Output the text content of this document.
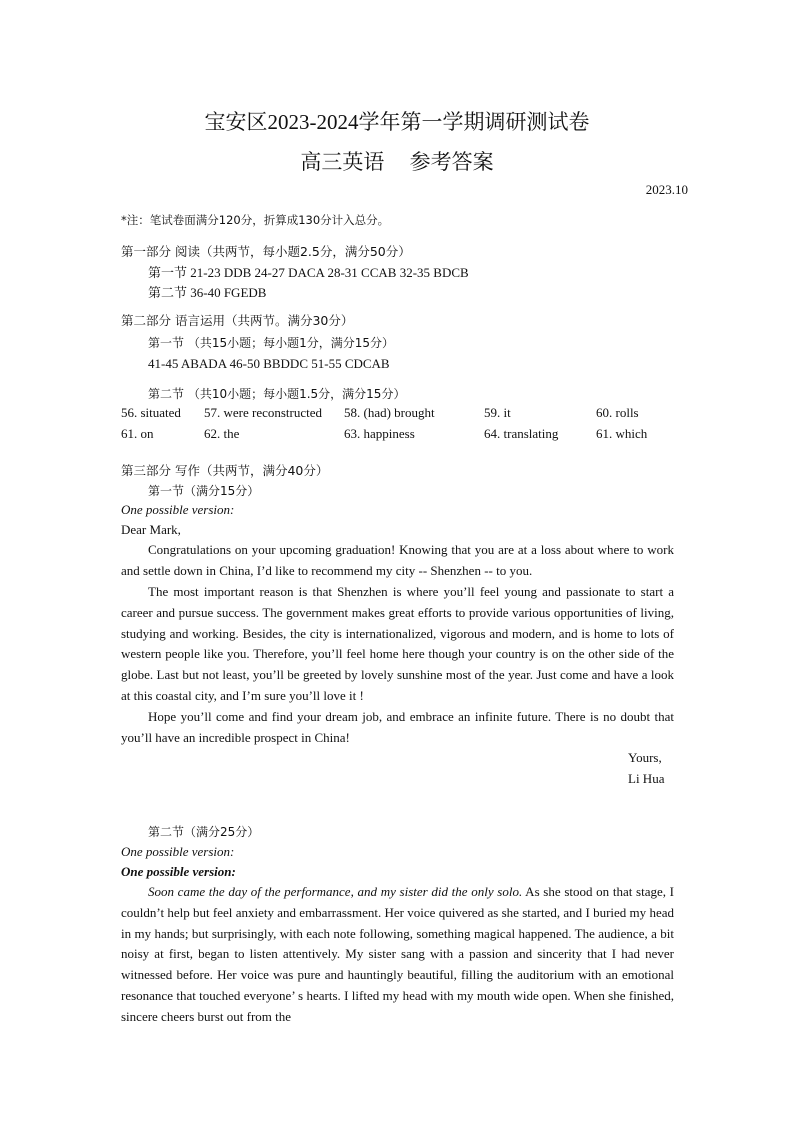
宝安区2023-2024学年第一学期调研测试卷
高三英语 参考答案
2023.10
*注：笔试卷面满分120分，折算成130分计入总分。
第一部分 阅读（共两节，每小题2.5分，满分50分）
第一节 21-23 DDB 24-27 DACA 28-31 CCAB 32-35 BDCB
第二节 36-40 FGEDB
第二部分 语言运用（共两节。满分30分）
第一节 （共15小题；每小题1分，满分15分）
41-45 ABADA 46-50 BBDDC 51-55 CDCAB
第二节 （共10小题；每小题1.5分，满分15分）
56. situated 57. were reconstructed 58. (had) brought	59. it	60. rolls
61. on	62. the	63. happiness	64. translating	61. which
第三部分 写作（共两节，满分40分）
第一节（满分15分）
One possible version:
Dear Mark,
Congratulations on your upcoming graduation! Knowing that you are at a loss about where to work and settle down in China, I’d like to recommend my city -- Shenzhen -- to you.
The most important reason is that Shenzhen is where you’ll feel young and passionate to start a career and pursue success. The government makes great efforts to provide various opportunities of living, studying and working. Besides, the city is internationalized, vigorous and modern, and is home to lots of western people like you. Therefore, you’ll feel home here though your country is on the other side of the globe. Last but not least, you’ll be greeted by lovely sunshine most of the year. Just come and have a look at this coastal city, and I’m sure you’ll love it !
Hope you’ll come and find your dream job, and embrace an infinite future. There is no doubt that you’ll have an incredible prospect in China!
Yours,
Li Hua
第二节（满分25分）
One possible version:
One possible version:
Soon came the day of the performance, and my sister did the only solo. As she stood on that stage, I couldn’t help but feel anxiety and embarrassment. Her voice quivered as she started, and I buried my head in my hands; but surprisingly, with each note following, something magical happened. The audience, a bit noisy at first, began to listen attentively. My sister sang with a passion and sincerity that I had never witnessed before. Her voice was pure and hauntingly beautiful, filling the auditorium with an emotional resonance that touched everyone’ s hearts. I lifted my head with my mouth wide open. When she finished, sincere cheers burst out from the
